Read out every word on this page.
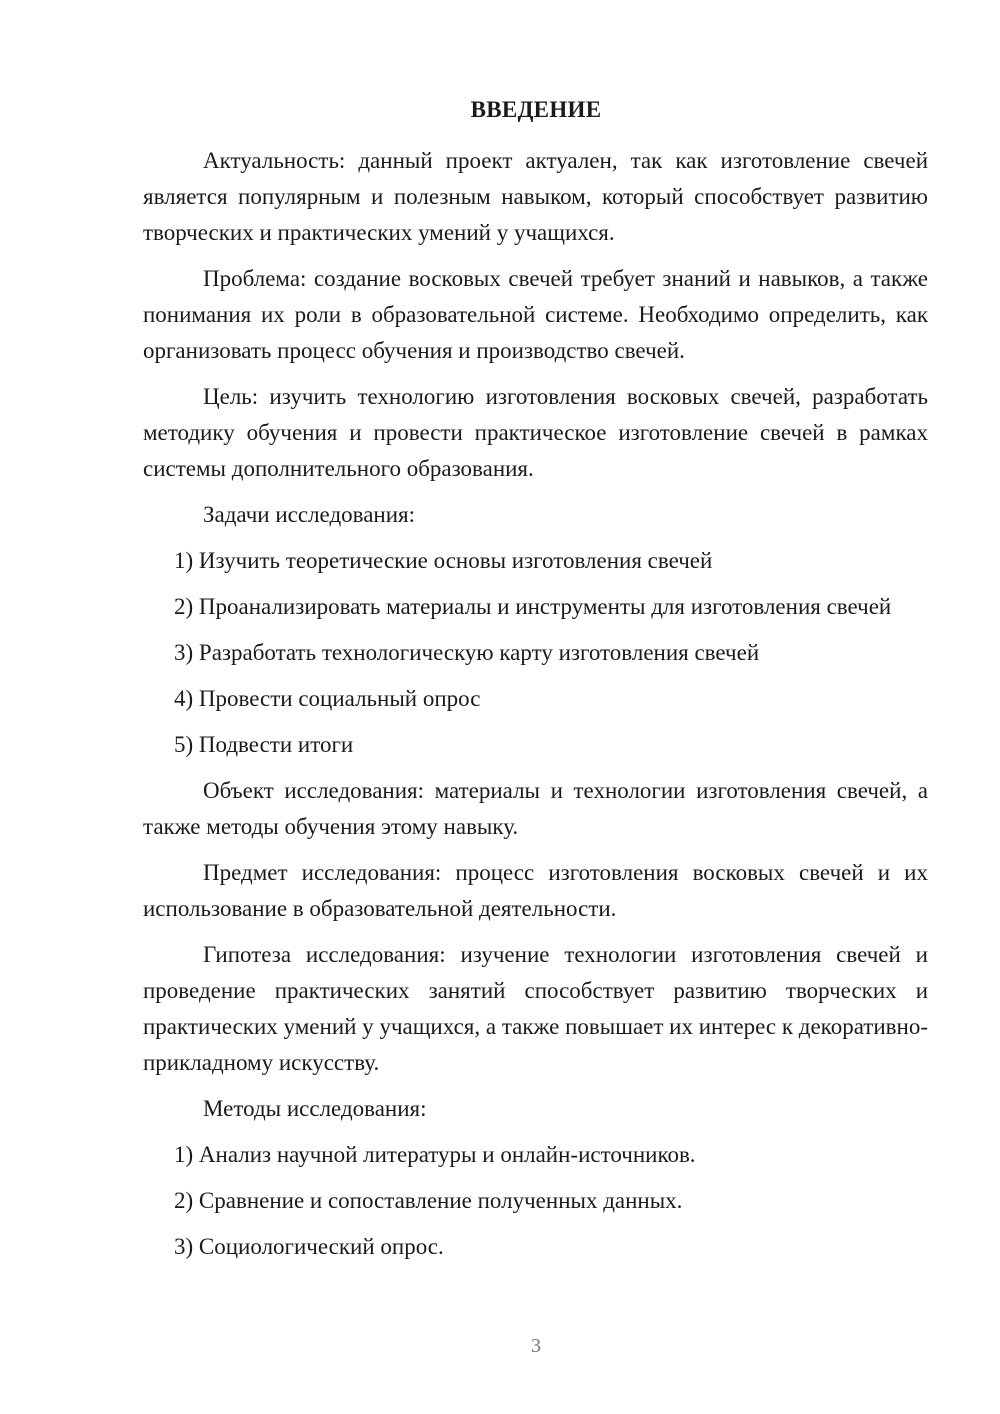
ВВЕДЕНИЕ

Актуальность: данный проект актуален, так как изготовление свечей является популярным и полезным навыком, который способствует развитию творческих и практических умений у учащихся.

Проблема: создание восковых свечей требует знаний и навыков, а также понимания их роли в образовательной системе. Необходимо определить, как организовать процесс обучения и производство свечей.

Цель: изучить технологию изготовления восковых свечей, разработать методику обучения и провести практическое изготовление свечей в рамках системы дополнительного образования.

Задачи исследования:

1) Изучить теоретические основы изготовления свечей

2) Проанализировать материалы и инструменты для изготовления свечей

3) Разработать технологическую карту изготовления свечей

4) Провести социальный опрос

5) Подвести итоги

Объект исследования: материалы и технологии изготовления свечей, а также методы обучения этому навыку.

Предмет исследования: процесс изготовления восковых свечей и их использование в образовательной деятельности.

Гипотеза исследования: изучение технологии изготовления свечей и проведение практических занятий способствует развитию творческих и практических умений у учащихся, а также повышает их интерес к декоративно-прикладному искусству.

Методы исследования:

1) Анализ научной литературы и онлайн-источников.

2) Сравнение и сопоставление полученных данных.

3) Социологический опрос.

3
